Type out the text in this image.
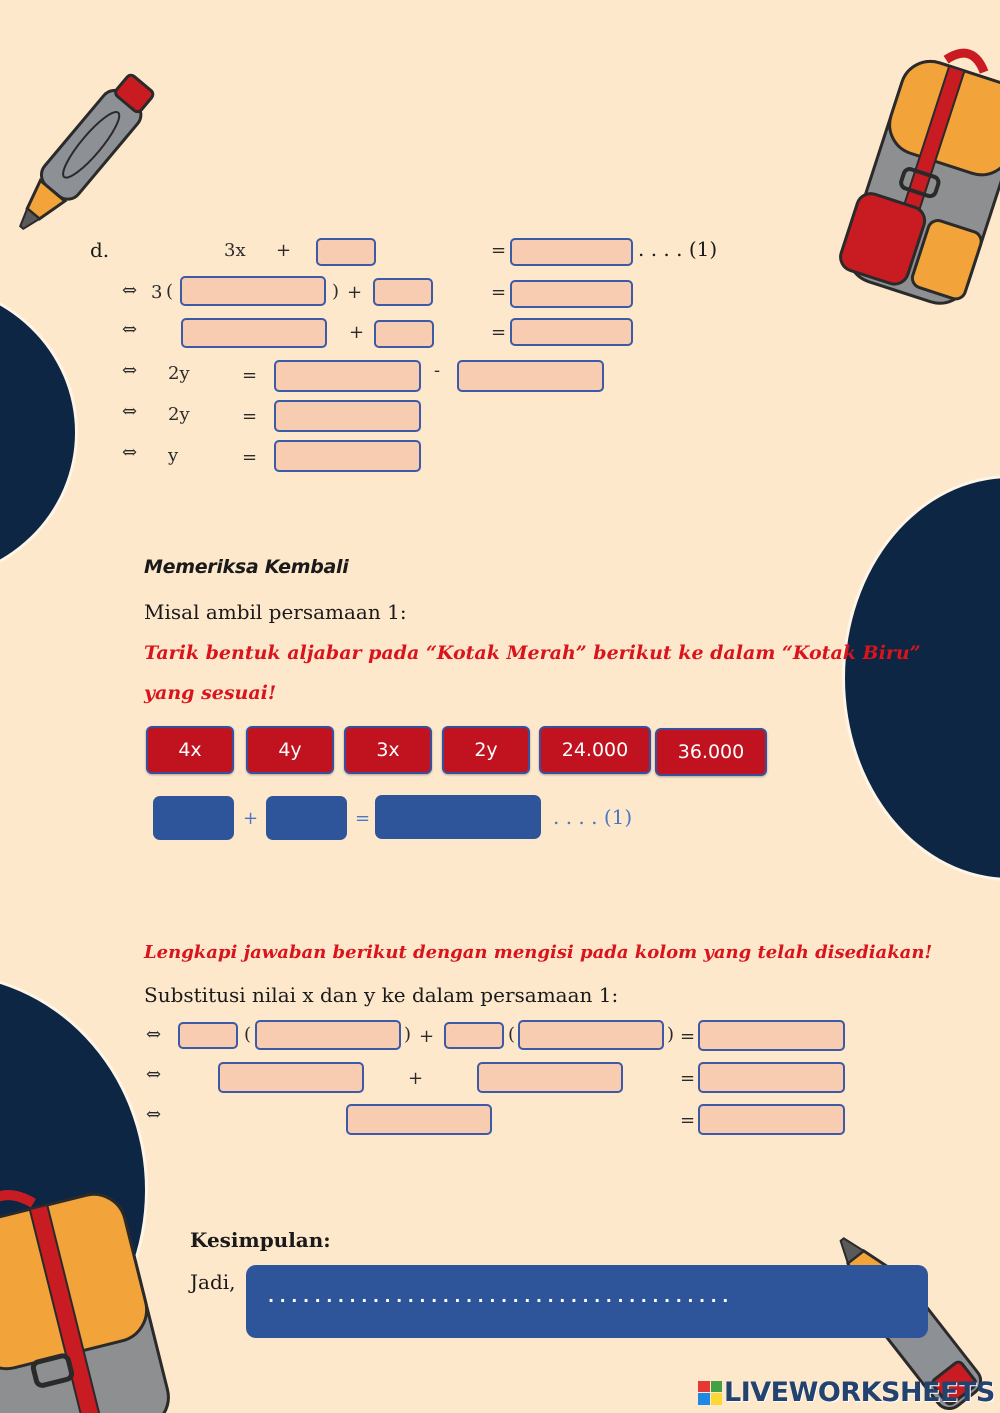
d.	3x +	=	. . . . (1)
⇔ 3 (	) +	=
⇔	+	=
⇔ 2y	=	-
⇔ 2y	=
⇔ y	=
Memeriksa Kembali
Misal ambil persamaan 1:
Tarik bentuk aljabar pada “Kotak Merah” berikut ke dalam “Kotak Biru”
yang sesuai!
4x	4y	3x	2y	24.000	36.000
+	=	. . . . (1)
Lengkapi jawaban berikut dengan mengisi pada kolom yang telah disediakan!
Substitusi nilai x dan y ke dalam persamaan 1:
⇔	(	) +	(	) =
⇔	+	=
⇔	=
Kesimpulan:
Jadi,
. . . . . . . . . . . . . . . . . . . . . . . . . . . . . . . . . . . . . . . .
LIVEWORKSHEETS
